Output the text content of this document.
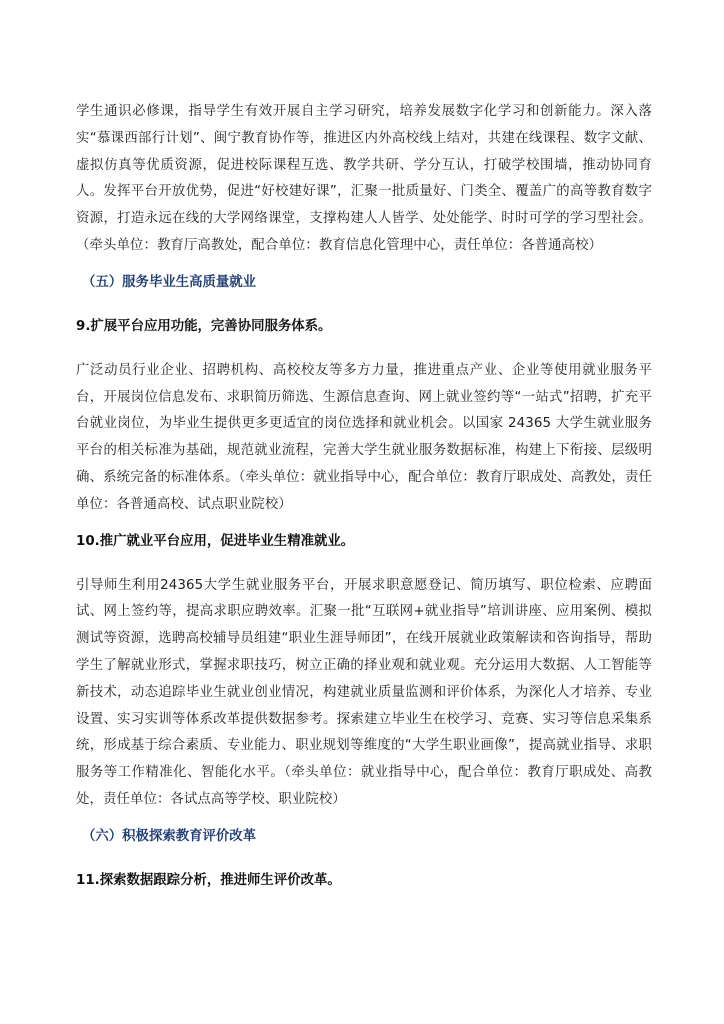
学生通识必修课，指导学生有效开展自主学习研究，培养发展数字化学习和创新能力。深入落实“慕课西部行计划”、闽宁教育协作等，推进区内外高校线上结对，共建在线课程、数字文献、虚拟仿真等优质资源，促进校际课程互选、教学共研、学分互认，打破学校围墙，推动协同育人。发挥平台开放优势，促进“好校建好课”，汇聚一批质量好、门类全、覆盖广的高等教育数字资源，打造永远在线的大学网络课堂，支撑构建人人皆学、处处能学、时时可学的学习型社会。（牵头单位：教育厅高教处，配合单位：教育信息化管理中心，责任单位：各普通高校）

（五）服务毕业生高质量就业

9.扩展平台应用功能，完善协同服务体系。

广泛动员行业企业、招聘机构、高校校友等多方力量，推进重点产业、企业等使用就业服务平台，开展岗位信息发布、求职简历筛选、生源信息查询、网上就业签约等“一站式”招聘，扩充平台就业岗位，为毕业生提供更多更适宜的岗位选择和就业机会。以国家 24365 大学生就业服务平台的相关标准为基础，规范就业流程，完善大学生就业服务数据标准，构建上下衔接、层级明确、系统完备的标准体系。（牵头单位：就业指导中心，配合单位：教育厅职成处、高教处，责任单位：各普通高校、试点职业院校）

10.推广就业平台应用，促进毕业生精准就业。

引导师生利用24365大学生就业服务平台，开展求职意愿登记、简历填写、职位检索、应聘面试、网上签约等，提高求职应聘效率。汇聚一批“互联网+就业指导”培训讲座、应用案例、模拟测试等资源，选聘高校辅导员组建“职业生涯导师团”，在线开展就业政策解读和咨询指导，帮助学生了解就业形式，掌握求职技巧，树立正确的择业观和就业观。充分运用大数据、人工智能等新技术，动态追踪毕业生就业创业情况，构建就业质量监测和评价体系，为深化人才培养、专业设置、实习实训等体系改革提供数据参考。探索建立毕业生在校学习、竞赛、实习等信息采集系统，形成基于综合素质、专业能力、职业规划等维度的“大学生职业画像”，提高就业指导、求职服务等工作精准化、智能化水平。（牵头单位：就业指导中心，配合单位：教育厅职成处、高教处，责任单位：各试点高等学校、职业院校）

（六）积极探索教育评价改革

11.探索数据跟踪分析，推进师生评价改革。
